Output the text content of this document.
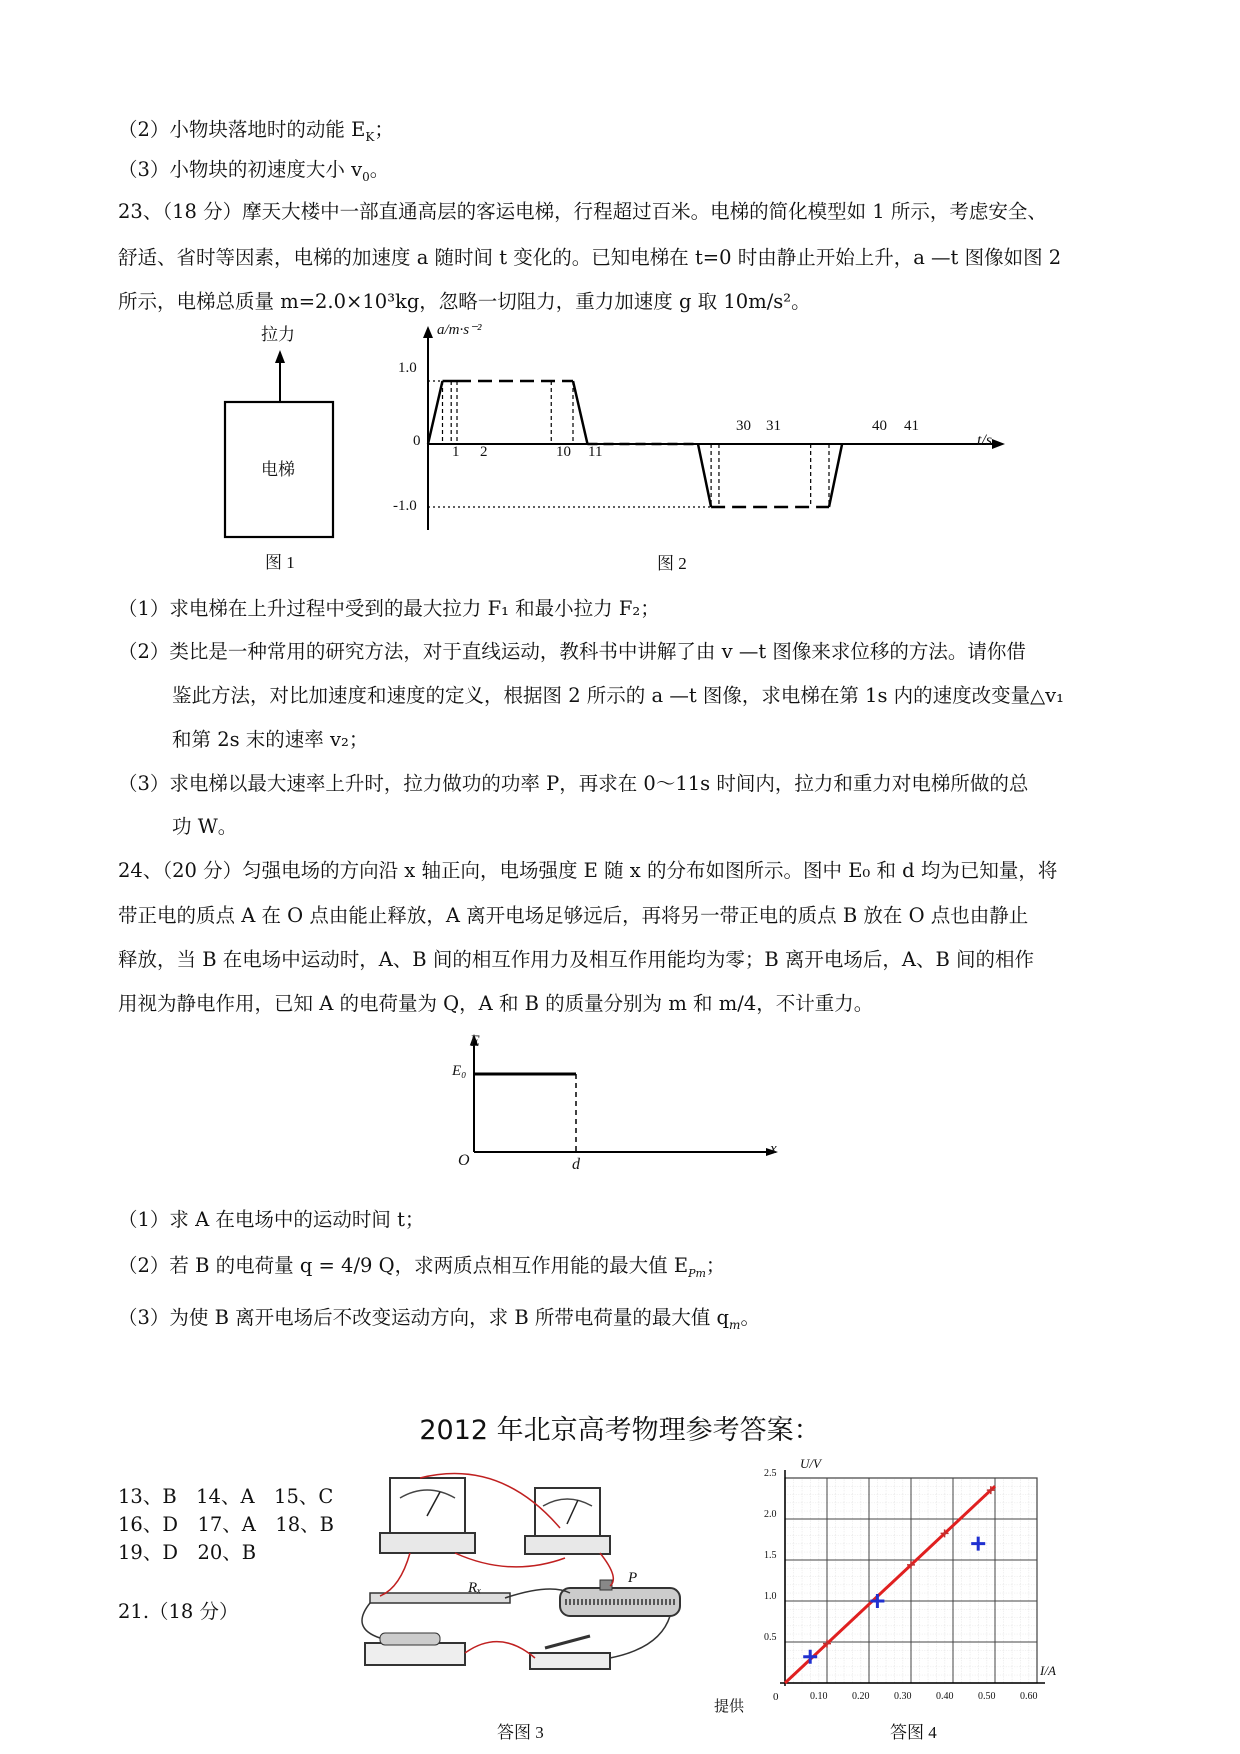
（2）小物块落地时的动能 $E_K$；
（3）小物块的初速度大小 $v_0$。
23、（18 分）摩天大楼中一部直通高层的客运电梯，行程超过百米。电梯的简化模型如 1 所示，考虑安全、
舒适、省时等因素，电梯的加速度 a 随时间 t 变化的。已知电梯在 t=0 时由静止开始上升，a —t 图像如图 2
所示，电梯总质量 m=2.0×10³kg，忽略一切阻力，重力加速度 g 取 10m/s²。
拉力
电梯
图 1
a/m·s⁻²
t/s
1.0
0
-1.0
1 2	10 11
30 31	40 41
图 2
（1）求电梯在上升过程中受到的最大拉力 F₁ 和最小拉力 F₂；
（2）类比是一种常用的研究方法，对于直线运动，教科书中讲解了由 v —t 图像来求位移的方法。请你借
鉴此方法，对比加速度和速度的定义，根据图 2 所示的 a —t 图像，求电梯在第 1s 内的速度改变量△v₁
和第 2s 末的速率 v₂；
（3）求电梯以最大速率上升时，拉力做功的功率 P，再求在 0～11s 时间内，拉力和重力对电梯所做的总
功 W。
24、（20 分）匀强电场的方向沿 x 轴正向，电场强度 E 随 x 的分布如图所示。图中 E₀ 和 d 均为已知量，将
带正电的质点 A 在 O 点由能止释放，A 离开电场足够远后，再将另一带正电的质点 B 放在 O 点也由静止
释放，当 B 在电场中运动时，A、B 间的相互作用力及相互作用能均为零；B 离开电场后，A、B 间的相作
用视为静电作用，已知 A 的电荷量为 Q，A 和 B 的质量分别为 m 和 m/4，不计重力。
E
E₀
O	d
x
（1）求 A 在电场中的运动时间 t；
（2）若 B 的电荷量 q = 4/9 Q，求两质点相互作用能的最大值 $E_{Pm}$；
（3）为使 B 离开电场后不改变运动方向，求 B 所带电荷量的最大值 $q_m$。
2012 年北京高考物理参考答案：
13、B　14、A　15、C
16、D　17、A　18、B
19、D　20、B
21.（18 分）
Rₓ
P
答图 3
U/V
I/A
0
0.5
1.0
1.5
2.0
2.5
0.10 0.20 0.30 0.40 0.50 0.60
提供
答图 4
